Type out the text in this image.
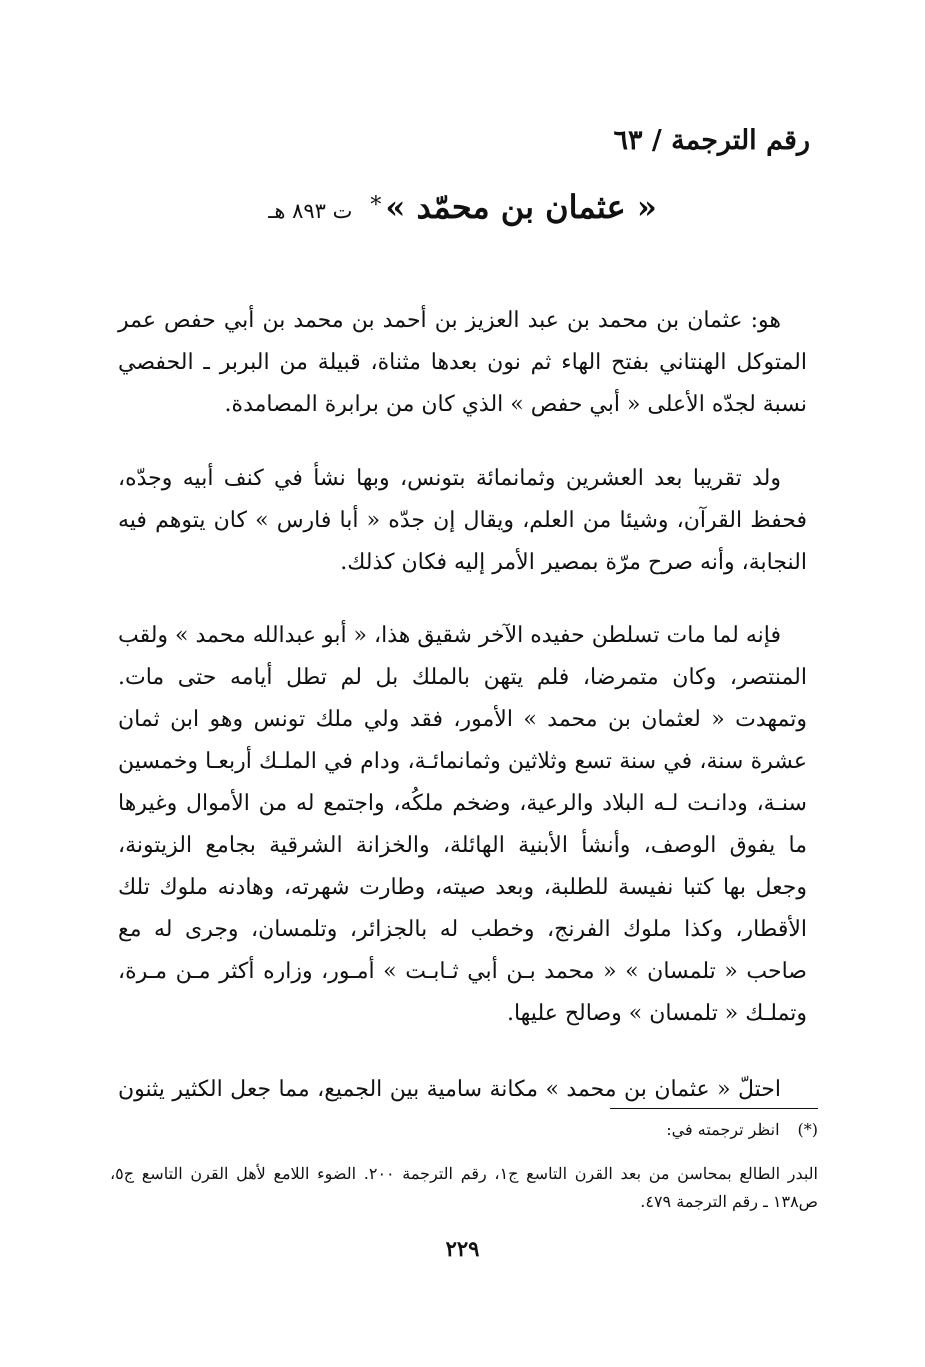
رقم الترجمة / ٦٣
« عثمان بن محمّد »*ت ٨٩٣ هـ

هو: عثمان بن محمد بن عبد العزيز بن أحمد بن محمد بن أبي حفص عمر المتوكل الهنتاني بفتح الهاء ثم نون بعدها مثناة، قبيلة من البربر ـ الحفصي نسبة لجدّه الأعلى « أبي حفص » الذي كان من برابرة المصامدة.

ولد تقريبا بعد العشرين وثمانمائة بتونس، وبها نشأ في كنف أبيه وجدّه، فحفظ القرآن، وشيئا من العلم، ويقال إن جدّه « أبا فارس » كان يتوهم فيه النجابة، وأنه صرح مرّة بمصير الأمر إليه فكان كذلك.

فإنه لما مات تسلطن حفيده الآخر شقيق هذا، « أبو عبدالله محمد » ولقب المنتصر، وكان متمرضا، فلم يتهن بالملك بل لم تطل أيامه حتى مات. وتمهدت « لعثمان بن محمد » الأمور، فقد ولي ملك تونس وهو ابن ثمان عشرة سنة، في سنة تسع وثلاثين وثمانمائـة، ودام في الملـك أربعـا وخمسين سنـة، ودانـت لـه البلاد والرعية، وضخم ملكُه، واجتمع له من الأموال وغيرها ما يفوق الوصف، وأنشأ الأبنية الهائلة، والخزانة الشرقية بجامع الزيتونة، وجعل بها كتبا نفيسة للطلبة، وبعد صيته، وطارت شهرته، وهادنه ملوك تلك الأقطار، وكذا ملوك الفرنج، وخطب له بالجزائر، وتلمسان، وجرى له مع صاحب « تلمسان » « محمد بـن أبي ثـابـت » أمـور، وزاره أكثر مـن مـرة، وتملـك « تلمسان » وصالح عليها.

احتلّ « عثمان بن محمد » مكانة سامية بين الجميع، مما جعل الكثير يثنون

(*)انظر ترجمته في:
البدر الطالع بمحاسن من بعد القرن التاسع ج١، رقم الترجمة ٢٠٠. الضوء اللامع لأهل القرن التاسع ج٥، ص١٣٨ ـ رقم الترجمة ٤٧٩.
٢٢٩
